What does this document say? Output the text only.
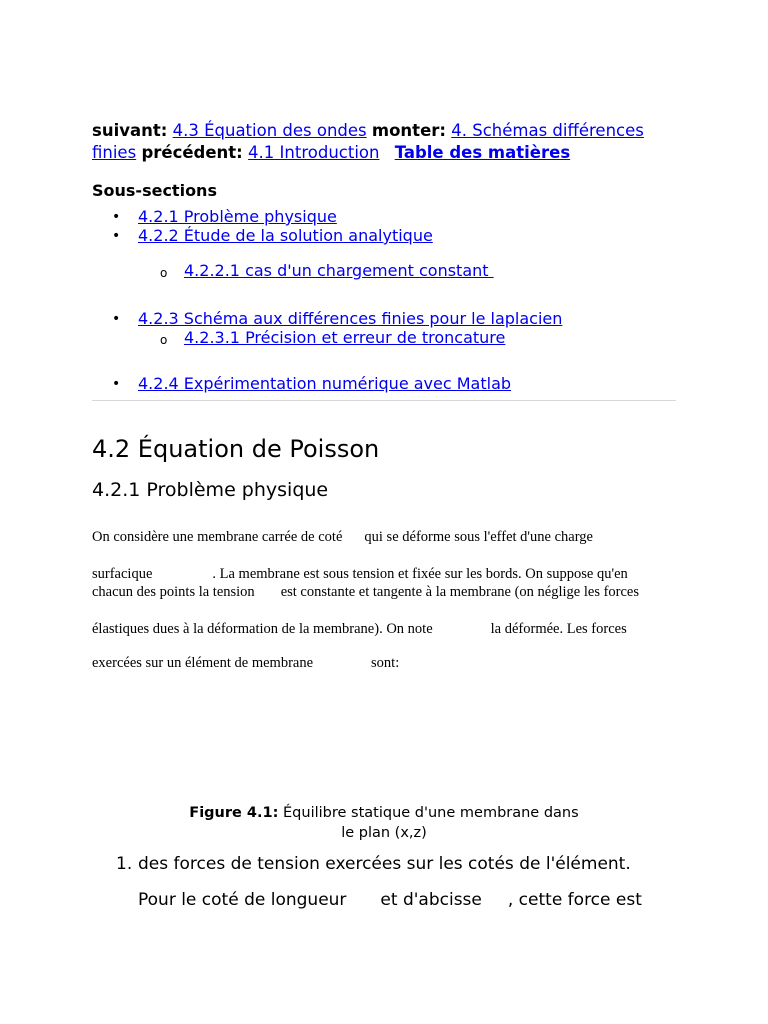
suivant: 4.3 Équation des ondes monter: 4. Schémas différences
finies précédent: 4.1 Introduction Table des matières
Sous-sections
• 4.2.1 Problème physique
• 4.2.2 Étude de la solution analytique
o 4.2.2.1 cas d'un chargement constant
• 4.2.3 Schéma aux différences finies pour le laplacien
o 4.2.3.1 Précision et erreur de troncature
• 4.2.4 Expérimentation numérique avec Matlab
4.2 Équation de Poisson
4.2.1 Problème physique
On considère une membrane carrée de coté qui se déforme sous l'effet d'une charge
surfacique	. La membrane est sous tension et fixée sur les bords. On suppose qu'en
chacun des points la tension est constante et tangente à la membrane (on néglige les forces
élastiques dues à la déformation de la membrane). On note	la déformée. Les forces
exercées sur un élément de membrane	sont:
Figure 4.1: Équilibre statique d'une membrane dans
le plan (x,z)
1. des forces de tension exercées sur les cotés de l'élément.
Pour le coté de longueur et d'abcisse , cette force est
